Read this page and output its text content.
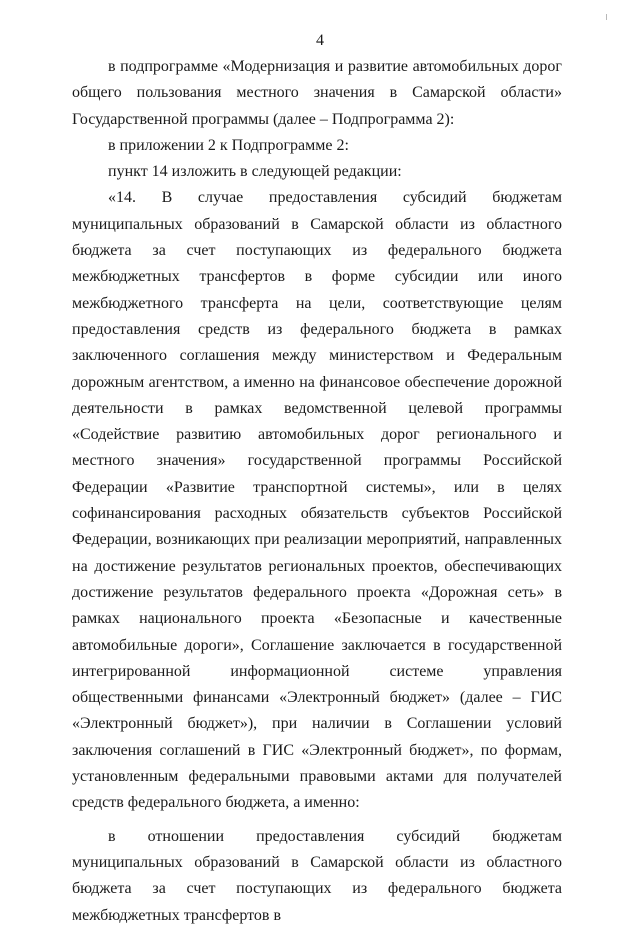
4

в подпрограмме «Модернизация и развитие автомобильных дорог общего пользования местного значения в Самарской области» Государственной программы (далее – Подпрограмма 2):

в приложении 2 к Подпрограмме 2:

пункт 14 изложить в следующей редакции:

«14. В случае предоставления субсидий бюджетам муниципальных образований в Самарской области из областного бюджета за счет поступающих из федерального бюджета межбюджетных трансфертов в форме субсидии или иного межбюджетного трансферта на цели, соответствующие целям предоставления средств из федерального бюджета в рамках заключенного соглашения между министерством и Федеральным дорожным агентством, а именно на финансовое обеспечение дорожной деятельности в рамках ведомственной целевой программы «Содействие развитию автомобильных дорог регионального и местного значения» государственной программы Российской Федерации «Развитие транспортной системы», или в целях софинансирования расходных обязательств субъектов Российской Федерации, возникающих при реализации мероприятий, направленных на достижение результатов региональных проектов, обеспечивающих достижение результатов федерального проекта «Дорожная сеть» в рамках национального проекта «Безопасные и качественные автомобильные дороги», Соглашение заключается в государственной интегрированной информационной системе управления общественными финансами «Электронный бюджет» (далее – ГИС «Электронный бюджет»), при наличии в Соглашении условий заключения соглашений в ГИС «Электронный бюджет», по формам, установленным федеральными правовыми актами для получателей средств федерального бюджета, а именно:

в отношении предоставления субсидий бюджетам муниципальных образований в Самарской области из областного бюджета за счет поступающих из федерального бюджета межбюджетных трансфертов в
